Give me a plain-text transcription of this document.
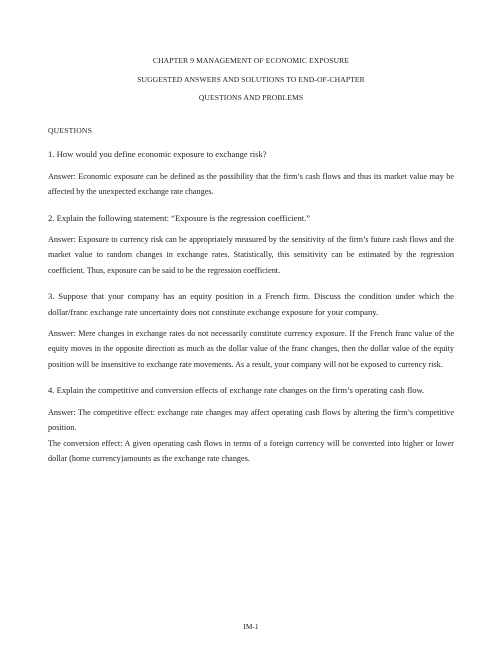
CHAPTER 9 MANAGEMENT OF ECONOMIC EXPOSURE
SUGGESTED ANSWERS AND SOLUTIONS TO END-OF-CHAPTER
QUESTIONS AND PROBLEMS

QUESTIONS

1. How would you define economic exposure to exchange risk?

Answer: Economic exposure can be defined as the possibility that the firm’s cash flows and thus its market value may be affected by the unexpected exchange rate changes.

2. Explain the following statement: “Exposure is the regression coefficient.”

Answer: Exposure to currency risk can be appropriately measured by the sensitivity of the firm’s future cash flows and the market value to random changes in exchange rates. Statistically, this sensitivity can be estimated by the regression coefficient. Thus, exposure can be said to be the regression coefficient.

3. Suppose that your company has an equity position in a French firm. Discuss the condition under which the dollar/franc exchange rate uncertainty does not constitute exchange exposure for your company.

Answer: Mere changes in exchange rates do not necessarily constitute currency exposure. If the French franc value of the equity moves in the opposite direction as much as the dollar value of the franc changes, then the dollar value of the equity position will be insensitive to exchange rate movements. As a result, your company will not be exposed to currency risk.

4. Explain the competitive and conversion effects of exchange rate changes on the firm’s operating cash flow.

Answer: The competitive effect: exchange rate changes may affect operating cash flows by altering the firm’s competitive position.

The conversion effect: A given operating cash flows in terms of a foreign currency will be converted into higher or lower dollar (home currency)amounts as the exchange rate changes.

IM-1
